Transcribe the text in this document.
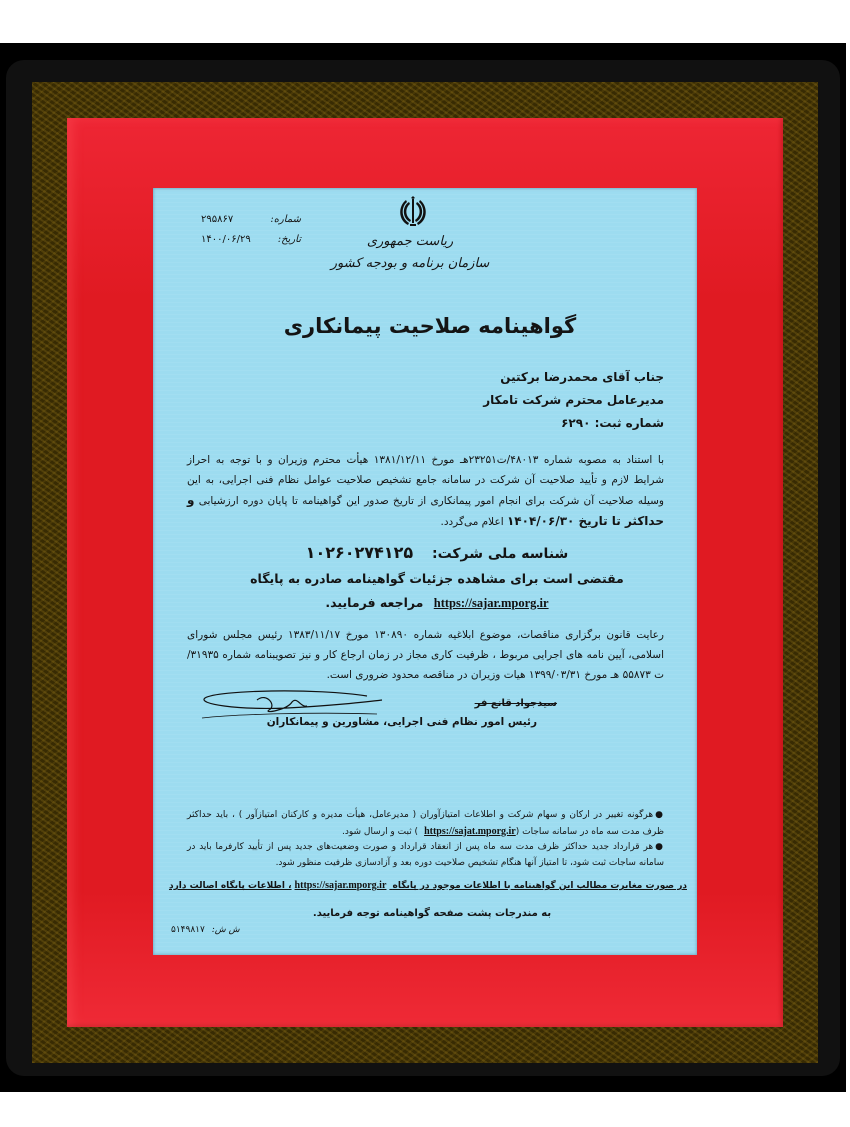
ریاست جمهوری
سازمان برنامه و بودجه کشور
شماره:
۲۹۵۸۶۷
تاریخ:
۱۴۰۰/۰۶/۲۹
گواهینامه صلاحیت پیمانکاری
جناب آقای محمدرضا برکتین
مدیرعامل محترم شرکت تامکار
شماره ثبت: ۶۲۹۰
با استناد به مصوبه شماره ۴۸۰۱۳/ت۲۳۲۵۱هـ مورخ ۱۳۸۱/۱۲/۱۱ هیأت محترم وزیران و با توجه به احراز شرایط لازم و تأیید صلاحیت آن شرکت در سامانه جامع تشخیص صلاحیت عوامل نظام فنی اجرایی، به این وسیله صلاحیت آن شرکت برای انجام امور پیمانکاری از تاریخ صدور این گواهینامه تا پایان دوره ارزشیابی و حداکثر تا تاریخ ۱۴۰۴/۰۶/۳۰ اعلام می‌گردد.
شناسه ملی شرکت: ۱۰۲۶۰۲۷۴۱۲۵
مقتضی است برای مشاهده جزئیات گواهینامه صادره به پایگاه
https://sajar.mporg.ir مراجعه فرمایید.
رعایت قانون برگزاری مناقصات، موضوع ابلاغیه شماره ۱۳۰۸۹۰ مورخ ۱۳۸۳/۱۱/۱۷ رئیس مجلس شورای اسلامی، آیین نامه های اجرایی مربوط ، ظرفیت کاری مجاز در زمان ارجاع کار و نیز تصویبنامه شماره ۳۱۹۳۵/ت ۵۵۸۷۳ هـ مورخ ۱۳۹۹/۰۳/۳۱ هیات وزیران در مناقصه محدود ضروری است.
سیدجواد قانع فر
رئیس امور نظام فنی اجرایی، مشاورین و پیمانکاران
●هرگونه تغییر در ارکان و سهام شرکت و اطلاعات امتیازآوران ( مدیرعامل، هیأت مدیره و کارکنان امتیازآور ) ، باید حداکثر ظرف مدت سه ماه در سامانه ساجات (https://sajat.mporg.ir) ثبت و ارسال شود.
●هر قرارداد جدید حداکثر ظرف مدت سه ماه پس از انعقاد قرارداد و صورت وضعیت‌های جدید پس از تأیید کارفرما باید در سامانه ساجات ثبت شود، تا امتیاز آنها هنگام تشخیص صلاحیت دوره بعد و آزادسازی ظرفیت منظور شود.
در صورت مغایرت مطالب این گواهینامه با اطلاعات موجود در پایگاه https://sajar.mporg.ir، اطلاعات پایگاه اصالت دارد
به مندرجات پشت صفحه گواهینامه توجه فرمایید.
ش ش: ۵۱۴۹۸۱۷
